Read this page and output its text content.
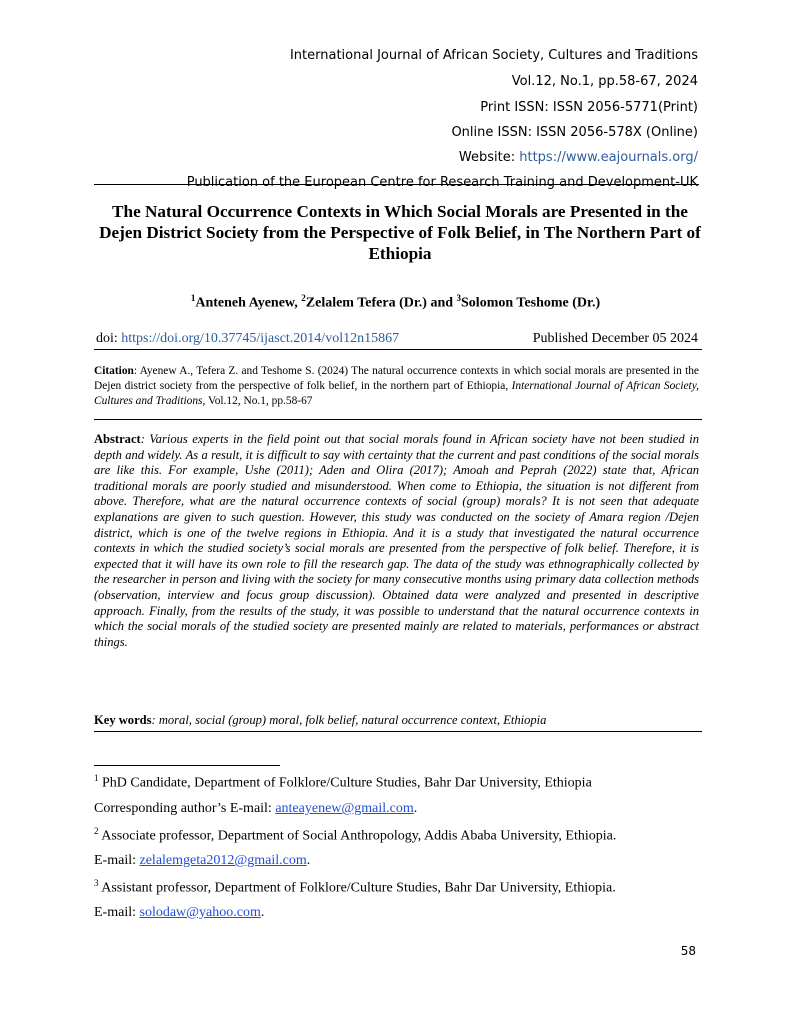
International Journal of African Society, Cultures and Traditions
Vol.12, No.1, pp.58-67, 2024
Print ISSN: ISSN 2056-5771(Print)
Online ISSN: ISSN 2056-578X (Online)
Website: https://www.eajournals.org/
Publication of the European Centre for Research Training and Development-UK
The Natural Occurrence Contexts in Which Social Morals are Presented in the Dejen District Society from the Perspective of Folk Belief, in The Northern Part of Ethiopia
$^1$Anteneh Ayenew, $^2$Zelalem Tefera (Dr.) and $^3$Solomon Teshome (Dr.)
doi: https://doi.org/10.37745/ijasct.2014/vol12n15867	Published December 05 2024
Citation: Ayenew A., Tefera Z. and Teshome S. (2024) The natural occurrence contexts in which social morals are presented in the Dejen district society from the perspective of folk belief, in the northern part of Ethiopia, International Journal of African Society, Cultures and Traditions, Vol.12, No.1, pp.58-67
Abstract: Various experts in the field point out that social morals found in African society have not been studied in depth and widely. As a result, it is difficult to say with certainty that the current and past conditions of the social morals are like this. For example, Ushe (2011); Aden and Olira (2017); Amoah and Peprah (2022) state that, African traditional morals are poorly studied and misunderstood. When come to Ethiopia, the situation is not different from above. Therefore, what are the natural occurrence contexts of social (group) morals? It is not seen that adequate explanations are given to such question. However, this study was conducted on the society of Amara region /Dejen district, which is one of the twelve regions in Ethiopia. And it is a study that investigated the natural occurrence contexts in which the studied society’s social morals are presented from the perspective of folk belief. Therefore, it is expected that it will have its own role to fill the research gap. The data of the study was ethnographically collected by the researcher in person and living with the society for many consecutive months using primary data collection methods (observation, interview and focus group discussion). Obtained data were analyzed and presented in descriptive approach. Finally, from the results of the study, it was possible to understand that the natural occurrence contexts in which the social morals of the studied society are presented mainly are related to materials, performances or abstract things.
Key words: moral, social (group) moral, folk belief, natural occurrence context, Ethiopia
$^1$ PhD Candidate, Department of Folklore/Culture Studies, Bahr Dar University, Ethiopia
Corresponding author’s E-mail: anteayenew@gmail.com.
$^2$ Associate professor, Department of Social Anthropology, Addis Ababa University, Ethiopia.
E-mail: zelalemgeta2012@gmail.com.
$^3$ Assistant professor, Department of Folklore/Culture Studies, Bahr Dar University, Ethiopia.
E-mail: solodaw@yahoo.com.
58
